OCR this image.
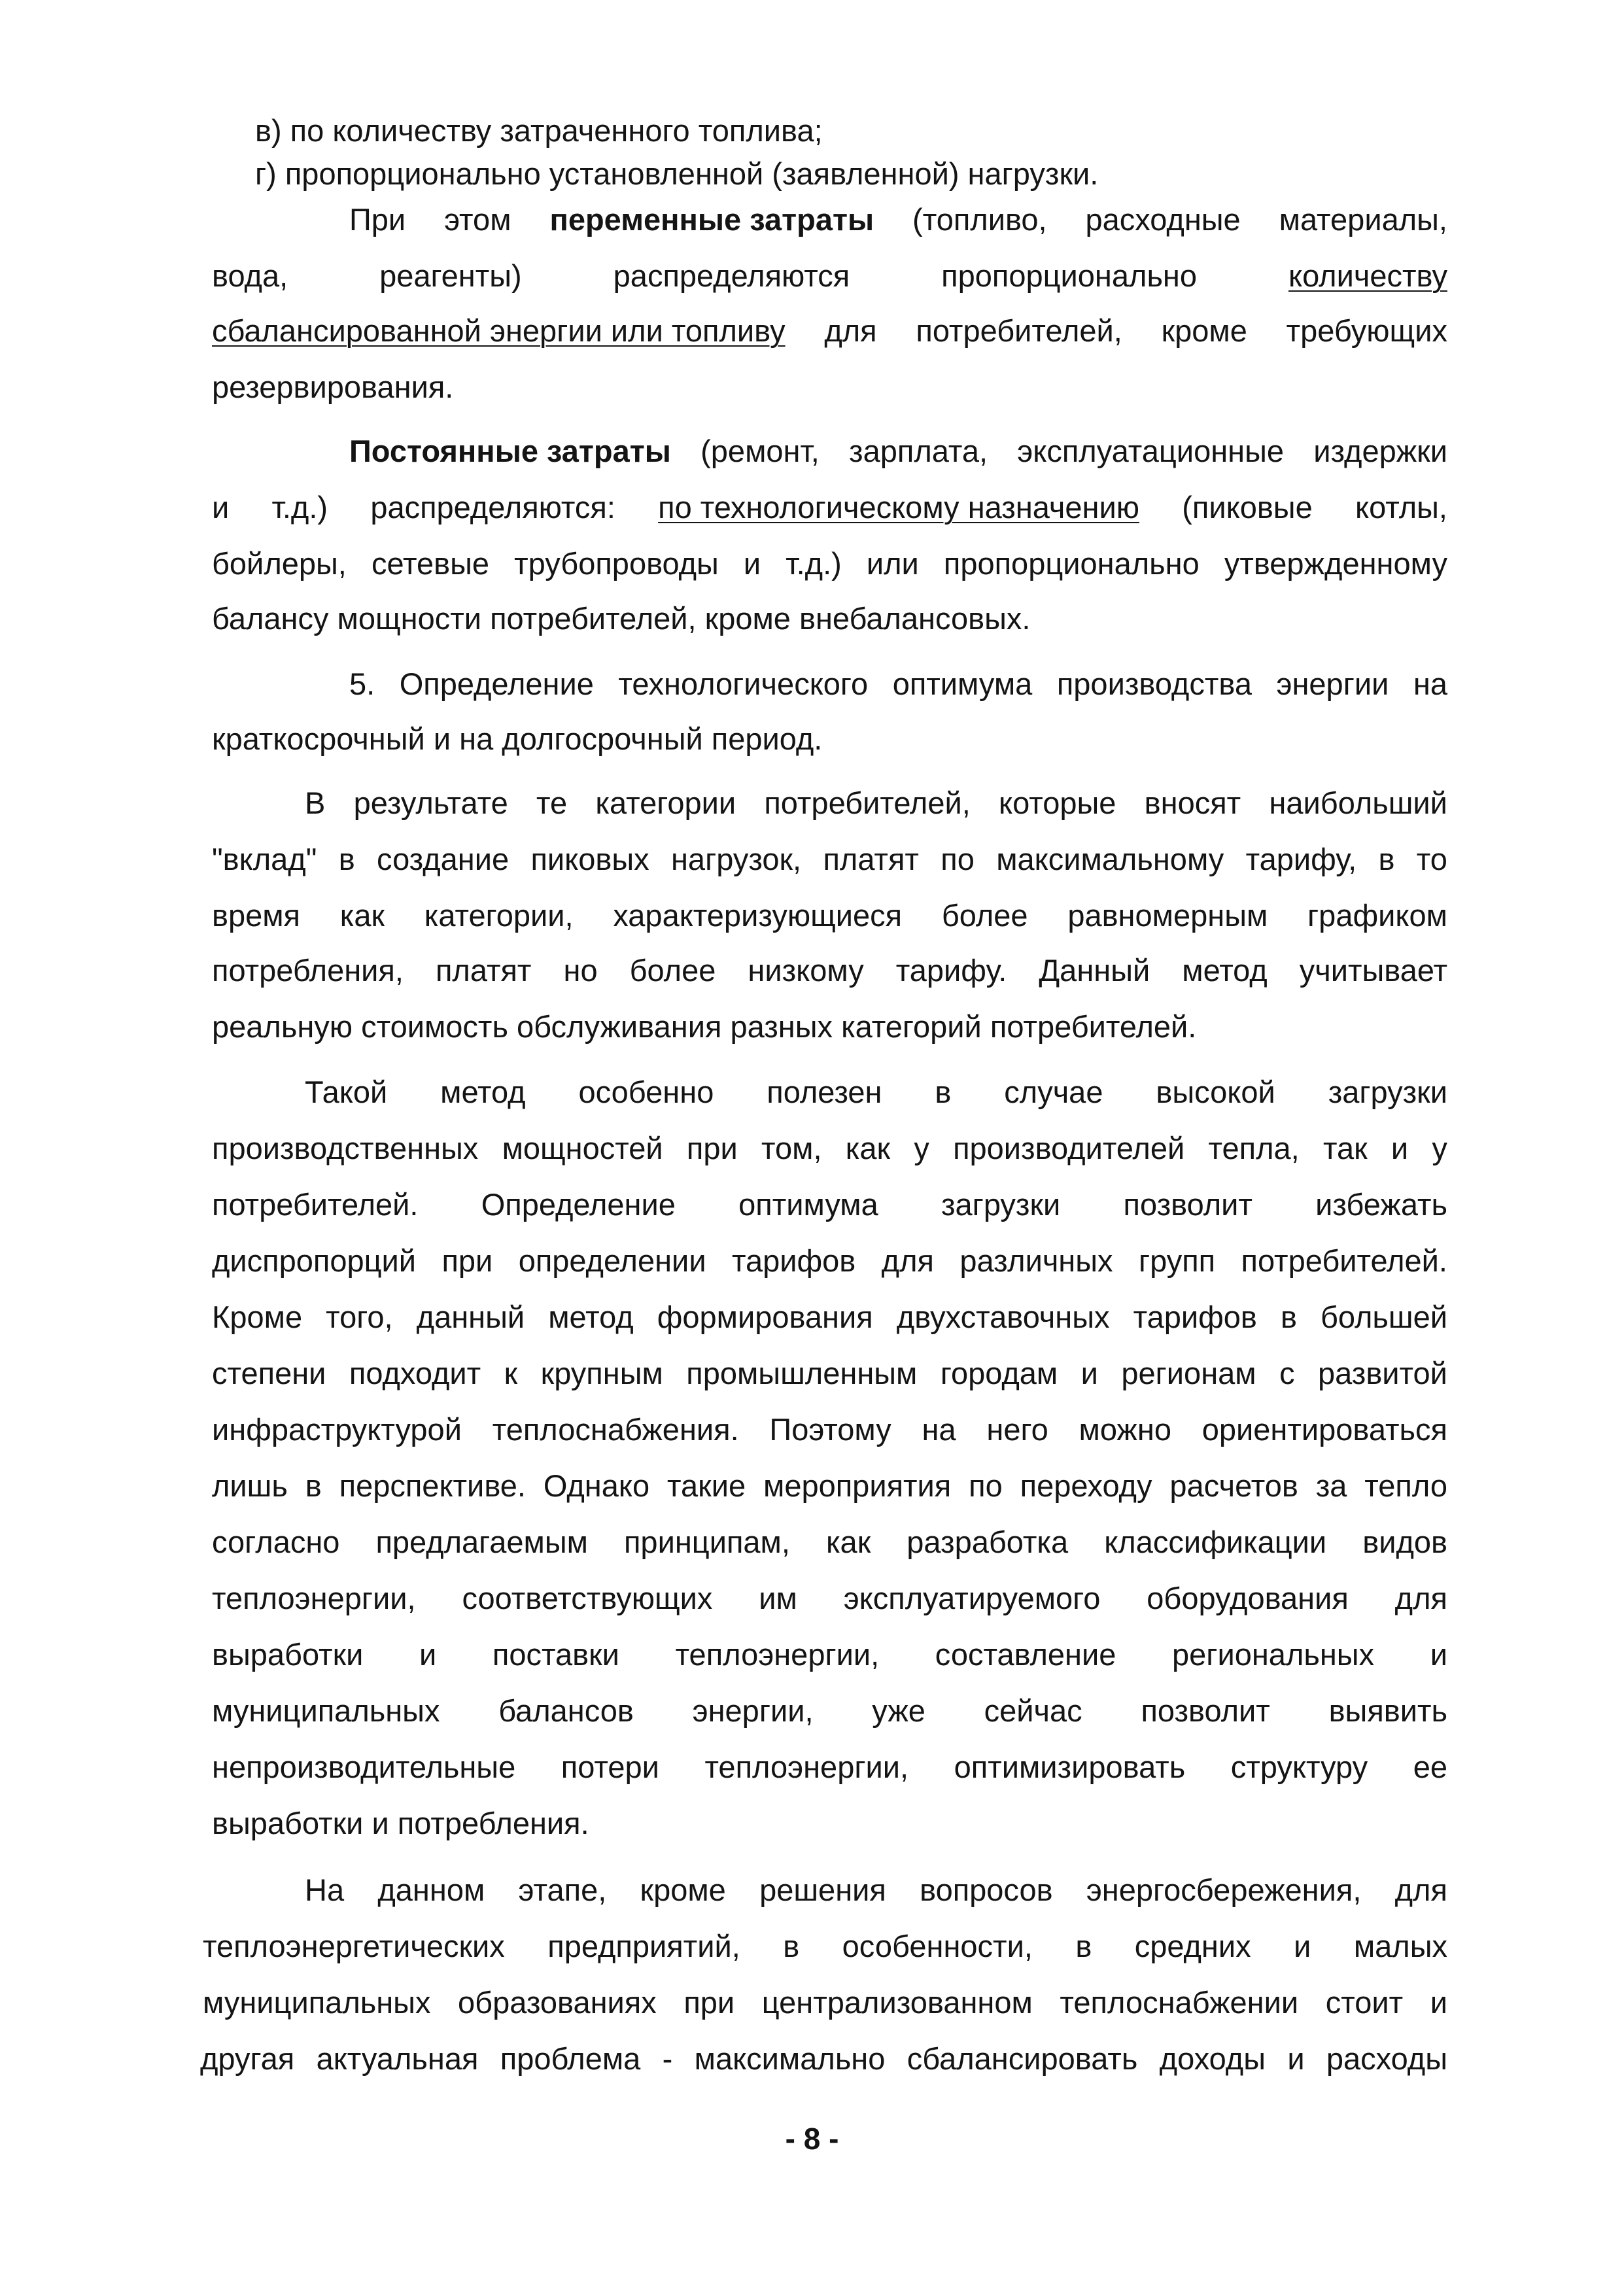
в) по количеству затраченного топлива;
г) пропорционально установленной (заявленной) нагрузки.
При этом переменные затраты (топливо, расходные материалы,
вода,	реагенты)	распределяются	пропорционально	количеству
сбалансированной энергии или топливу для потребителей, кроме требующих
резервирования.
Постоянные затраты (ремонт, зарплата, эксплуатационные издержки
и т.д.) распределяются: по технологическому назначению (пиковые котлы,
бойлеры, сетевые трубопроводы и т.д.) или пропорционально утвержденному
балансу мощности потребителей, кроме внебалансовых.
5. Определение технологического оптимума производства энергии на
краткосрочный и на долгосрочный период.
В результате те категории потребителей, которые вносят наибольший
"вклад" в создание пиковых нагрузок, платят по максимальному тарифу, в то
время как категории, характеризующиеся более равномерным графиком
потребления, платят но более низкому тарифу. Данный метод учитывает
реальную стоимость обслуживания разных категорий потребителей.
Такой метод особенно полезен в случае высокой загрузки
производственных мощностей при том, как у производителей тепла, так и у
потребителей. Определение оптимума загрузки позволит избежать
диспропорций при определении тарифов для различных групп потребителей.
Кроме того, данный метод формирования двухставочных тарифов в большей
степени подходит к крупным промышленным городам и регионам с развитой
инфраструктурой теплоснабжения. Поэтому на него можно ориентироваться
лишь в перспективе. Однако такие мероприятия по переходу расчетов за тепло
согласно предлагаемым принципам, как разработка классификации видов
теплоэнергии, соответствующих им эксплуатируемого оборудования для
выработки и поставки теплоэнергии, составление региональных и
муниципальных балансов энергии, уже сейчас позволит выявить
непроизводительные потери теплоэнергии, оптимизировать структуру ее
выработки и потребления.
На данном этапе, кроме решения вопросов энергосбережения, для
теплоэнергетических предприятий, в особенности, в средних и малых
муниципальных образованиях при централизованном теплоснабжении стоит и
другая актуальная проблема - максимально сбалансировать доходы и расходы
- 8 -
